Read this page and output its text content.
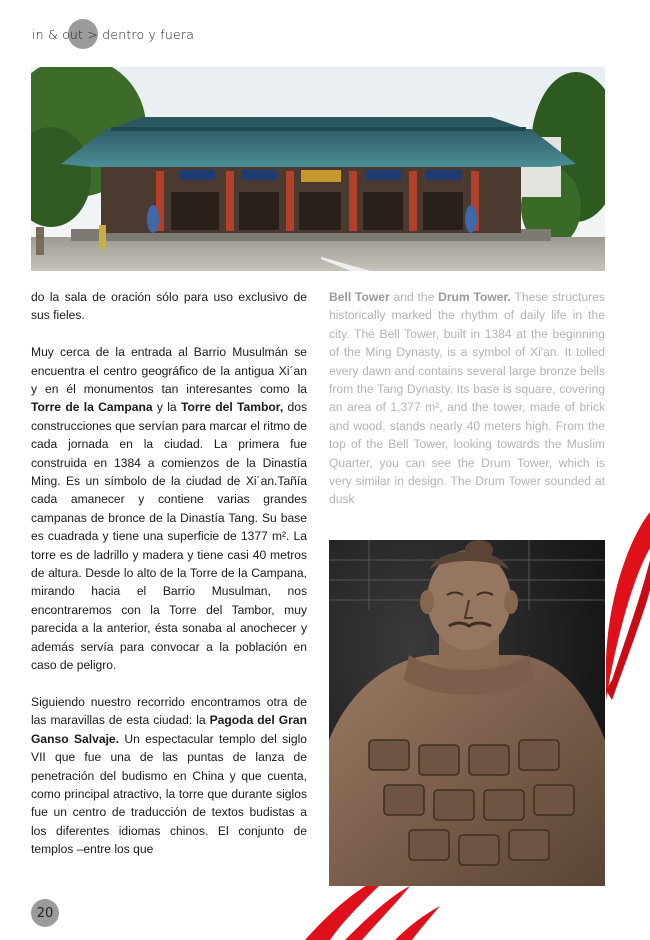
in & out > dentro y fuera

do la sala de oración sólo para uso exclusivo de sus fieles.

Muy cerca de la entrada al Barrio Musulmán se encuentra el centro geográfico de la antigua Xi´an y en él monumentos tan interesantes como la Torre de la Campana y la Torre del Tambor, dos construcciones que servían para marcar el ritmo de cada jornada en la ciudad. La primera fue construida en 1384 a comienzos de la Dinastía Ming. Es un símbolo de la ciudad de Xi´an.Tañía cada amanecer y contiene varias grandes campanas de bronce de la Dinastía Tang. Su base es cuadrada y tiene una superficie de 1377 m². La torre es de ladrillo y madera y tiene casi 40 metros de altura. Desde lo alto de la Torre de la Campana, mirando hacia el Barrio Musulman, nos encontraremos con la Torre del Tambor, muy parecida a la anterior, ésta sonaba al anochecer y además servía para convocar a la población en caso de peligro.

Siguiendo nuestro recorrido encontramos otra de las maravillas de esta ciudad: la Pagoda del Gran Ganso Salvaje. Un espectacular templo del siglo VII que fue una de las puntas de lanza de penetración del budismo en China y que cuenta, como principal atractivo, la torre que durante siglos fue un centro de traducción de textos budistas a los diferentes idiomas chinos. El conjunto de templos –entre los que

Bell Tower and the Drum Tower. These structures historically marked the rhythm of daily life in the city. The Bell Tower, built in 1384 at the beginning of the Ming Dynasty, is a symbol of Xi'an. It tolled every dawn and contains several large bronze bells from the Tang Dynasty. Its base is square, covering an area of 1,377 m², and the tower, made of brick and wood, stands nearly 40 meters high. From the top of the Bell Tower, looking towards the Muslim Quarter, you can see the Drum Tower, which is very similar in design. The Drum Tower sounded at dusk

20
